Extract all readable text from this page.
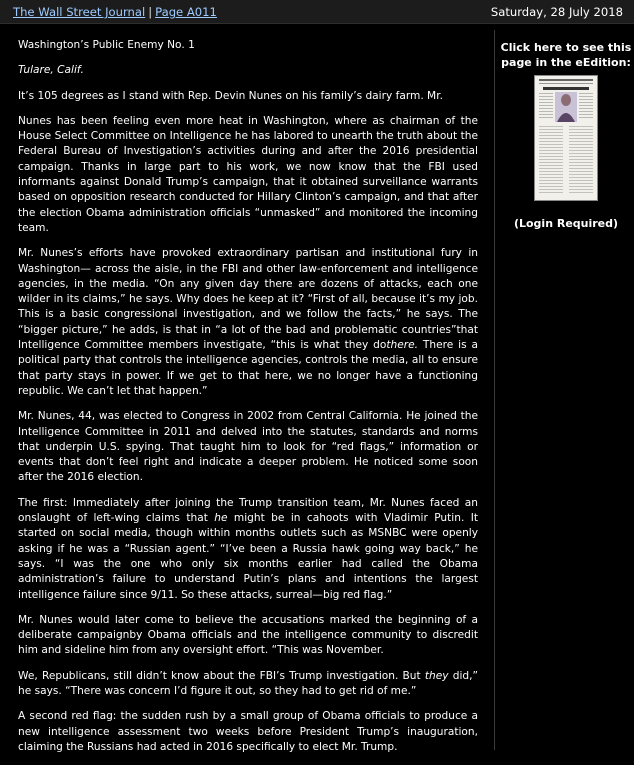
The Wall Street Journal | Page A011	Saturday, 28 July 2018

Washington’s Public Enemy No. 1

Tulare, Calif.

It’s 105 degrees as I stand with Rep. Devin Nunes on his family’s dairy farm. Mr.

Nunes has been feeling even more heat in Washington, where as chairman of the House Select Committee on Intelligence he has labored to unearth the truth about the Federal Bureau of Investigation’s activities during and after the 2016 presidential campaign. Thanks in large part to his work, we now know that the FBI used informants against Donald Trump’s campaign, that it obtained surveillance warrants based on opposition research conducted for Hillary Clinton’s campaign, and that after the election Obama administration officials “unmasked” and monitored the incoming team.

Mr. Nunes’s efforts have provoked extraordinary partisan and institutional fury in Washington— across the aisle, in the FBI and other law-enforcement and intelligence agencies, in the media. “On any given day there are dozens of attacks, each one wilder in its claims,” he says. Why does he keep at it? “First of all, because it’s my job. This is a basic congressional investigation, and we follow the facts,” he says. The “bigger picture,” he adds, is that in “a lot of the bad and problematic countries”that Intelligence Committee members investigate, “this is what they dothere. There is a political party that controls the intelligence agencies, controls the media, all to ensure that party stays in power. If we get to that here, we no longer have a functioning republic. We can’t let that happen.”

Mr. Nunes, 44, was elected to Congress in 2002 from Central California. He joined the Intelligence Committee in 2011 and delved into the statutes, standards and norms that underpin U.S. spying. That taught him to look for “red flags,” information or events that don’t feel right and indicate a deeper problem. He noticed some soon after the 2016 election.

The first: Immediately after joining the Trump transition team, Mr. Nunes faced an onslaught of left-wing claims that he might be in cahoots with Vladimir Putin. It started on social media, though within months outlets such as MSNBC were openly asking if he was a “Russian agent.” “I’ve been a Russia hawk going way back,” he says. “I was the one who only six months earlier had called the Obama administration’s failure to understand Putin’s plans and intentions the largest intelligence failure since 9/11. So these attacks, surreal—big red flag.”

Mr. Nunes would later come to believe the accusations marked the beginning of a deliberate campaignby Obama officials and the intelligence community to discredit him and sideline him from any oversight effort. “This was November.

We, Republicans, still didn’t know about the FBI’s Trump investigation. But they did,” he says. “There was concern I’d figure it out, so they had to get rid of me.”

A second red flag: the sudden rush by a small group of Obama officials to produce a new intelligence assessment two weeks before President Trump’s inauguration, claiming the Russians had acted in 2016 specifically to elect Mr. Trump.

Click here to see this page in the eEdition:
(Login Required)
